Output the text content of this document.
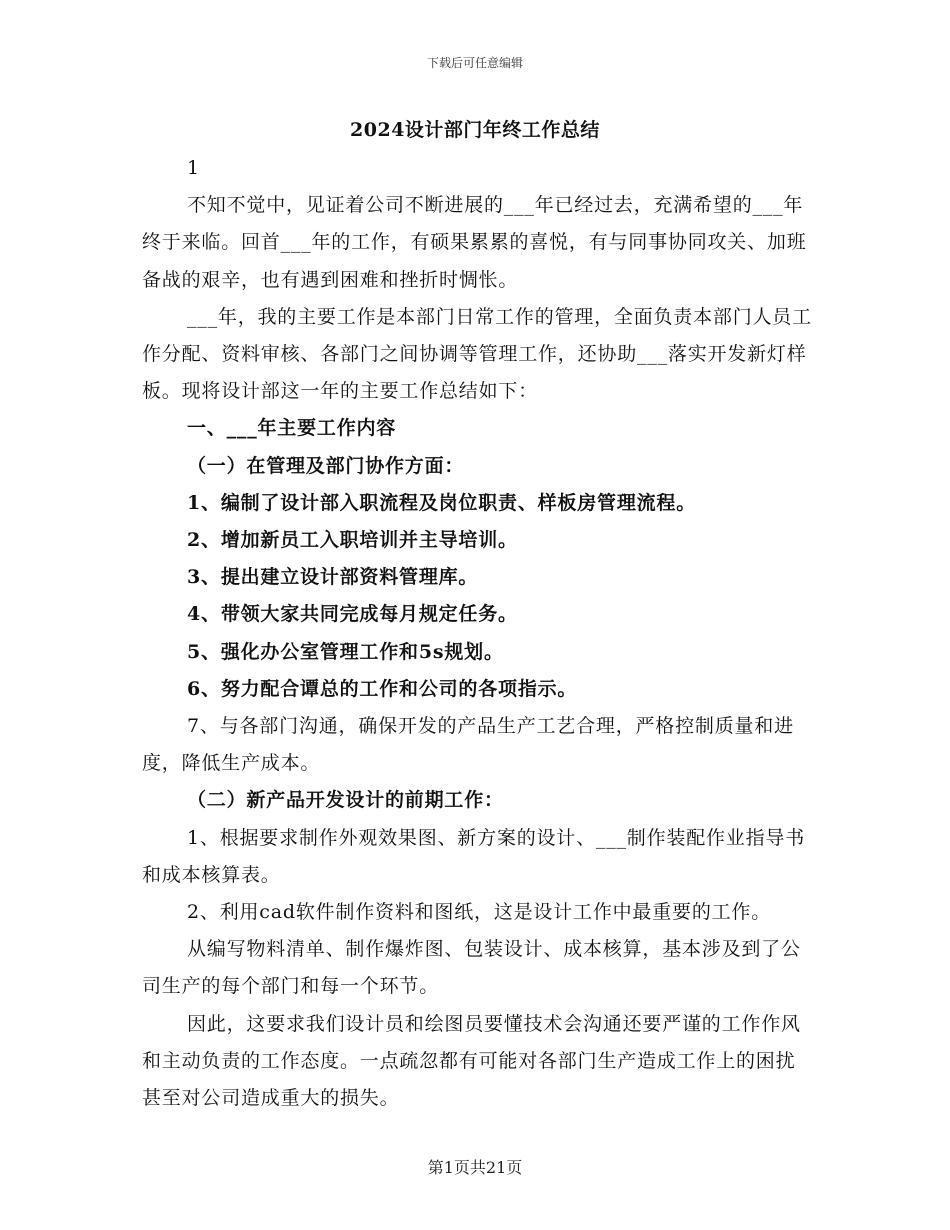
下载后可任意编辑
2024设计部门年终工作总结

1

不知不觉中，见证着公司不断进展的___年已经过去，充满希望的___年终于来临。回首___年的工作，有硕果累累的喜悦，有与同事协同攻关、加班备战的艰辛，也有遇到困难和挫折时惆怅。

___年，我的主要工作是本部门日常工作的管理，全面负责本部门人员工作分配、资料审核、各部门之间协调等管理工作，还协助___落实开发新灯样板。现将设计部这一年的主要工作总结如下：

一、___年主要工作内容

（一）在管理及部门协作方面：

1、编制了设计部入职流程及岗位职责、样板房管理流程。

2、增加新员工入职培训并主导培训。

3、提出建立设计部资料管理库。

4、带领大家共同完成每月规定任务。

5、强化办公室管理工作和5s规划。

6、努力配合谭总的工作和公司的各项指示。

7、与各部门沟通，确保开发的产品生产工艺合理，严格控制质量和进度，降低生产成本。

（二）新产品开发设计的前期工作：

1、根据要求制作外观效果图、新方案的设计、___制作装配作业指导书和成本核算表。

2、利用cad软件制作资料和图纸，这是设计工作中最重要的工作。

从编写物料清单、制作爆炸图、包装设计、成本核算，基本涉及到了公司生产的每个部门和每一个环节。

因此，这要求我们设计员和绘图员要懂技术会沟通还要严谨的工作作风和主动负责的工作态度。一点疏忽都有可能对各部门生产造成工作上的困扰甚至对公司造成重大的损失。

第1页共21页
